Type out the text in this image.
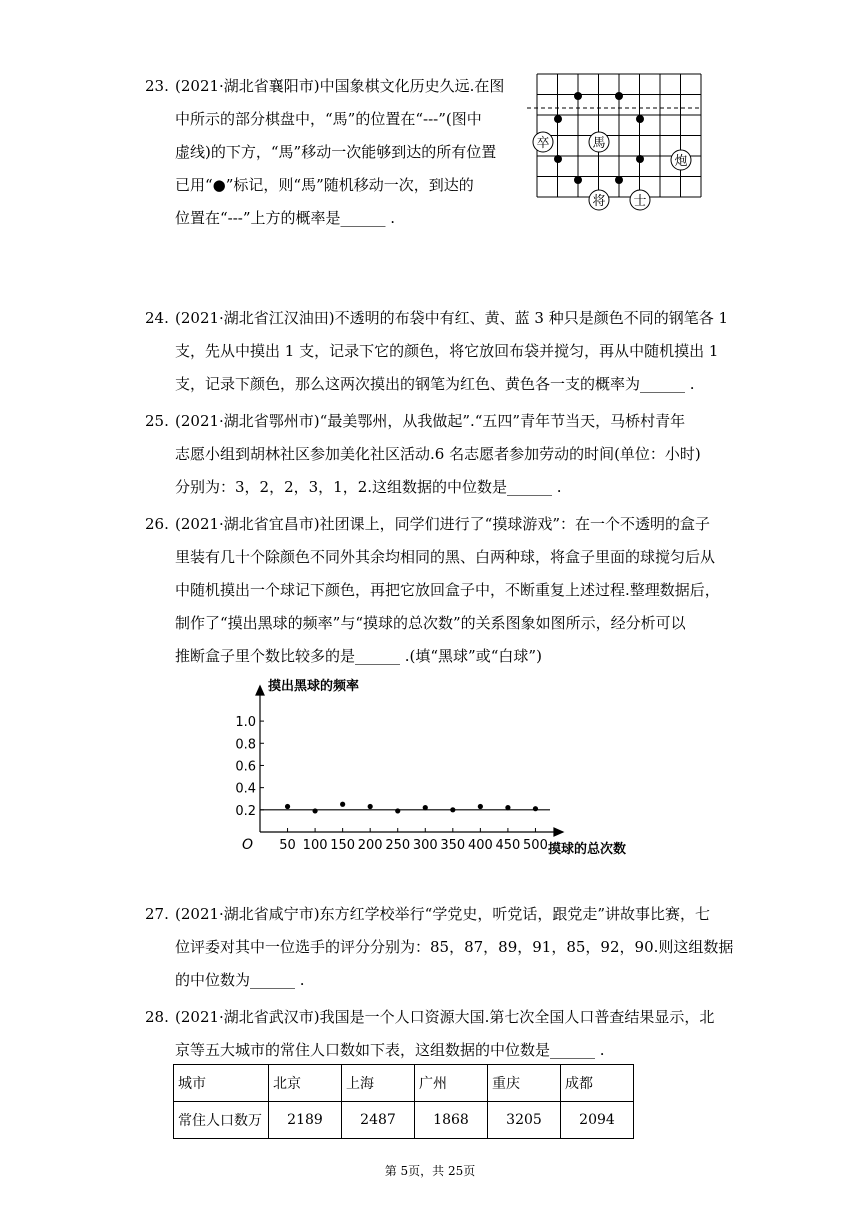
23. (2021·湖北省襄阳市)中国象棋文化历史久远.在图
中所示的部分棋盘中，“馬”的位置在“---”(图中
虚线)的下方，“馬”移动一次能够到达的所有位置
已用“●”标记，则“馬”随机移动一次，到达的
位置在“---”上方的概率是______ .
卒	馬
炮
将 士
24. (2021·湖北省江汉油田)不透明的布袋中有红、黄、蓝 3 种只是颜色不同的钢笔各 1
支，先从中摸出 1 支，记录下它的颜色，将它放回布袋并搅匀，再从中随机摸出 1
支，记录下颜色，那么这两次摸出的钢笔为红色、黄色各一支的概率为______ .
25. (2021·湖北省鄂州市)“最美鄂州，从我做起”.“五四”青年节当天，马桥村青年
志愿小组到胡林社区参加美化社区活动.6 名志愿者参加劳动的时间(单位：小时)
分别为：3，2，2，3，1，2.这组数据的中位数是______ .
26. (2021·湖北省宜昌市)社团课上，同学们进行了“摸球游戏”：在一个不透明的盒子
里装有几十个除颜色不同外其余均相同的黑、白两种球，将盒子里面的球搅匀后从
中随机摸出一个球记下颜色，再把它放回盒子中，不断重复上述过程.整理数据后，
制作了“摸出黑球的频率”与“摸球的总次数”的关系图象如图所示，经分析可以
推断盒子里个数比较多的是______ .(填“黑球”或“白球”)
50 100 150 200 250 300 350 400 450 500
0.2
0.4
0.6
0.8
1.0
摸出黑球的频率
摸球的总次数
O
27. (2021·湖北省咸宁市)东方红学校举行“学党史，听党话，跟党走”讲故事比赛，七
位评委对其中一位选手的评分分别为：85，87，89，91，85，92，90.则这组数据
的中位数为______ .
28. (2021·湖北省武汉市)我国是一个人口资源大国.第七次全国人口普查结果显示，北
京等五大城市的常住人口数如下表，这组数据的中位数是______ .
城市	北京	上海	广州	重庆	成都
常住人口数万	2189	2487	1868	3205	2094
第 5页，共 25页
